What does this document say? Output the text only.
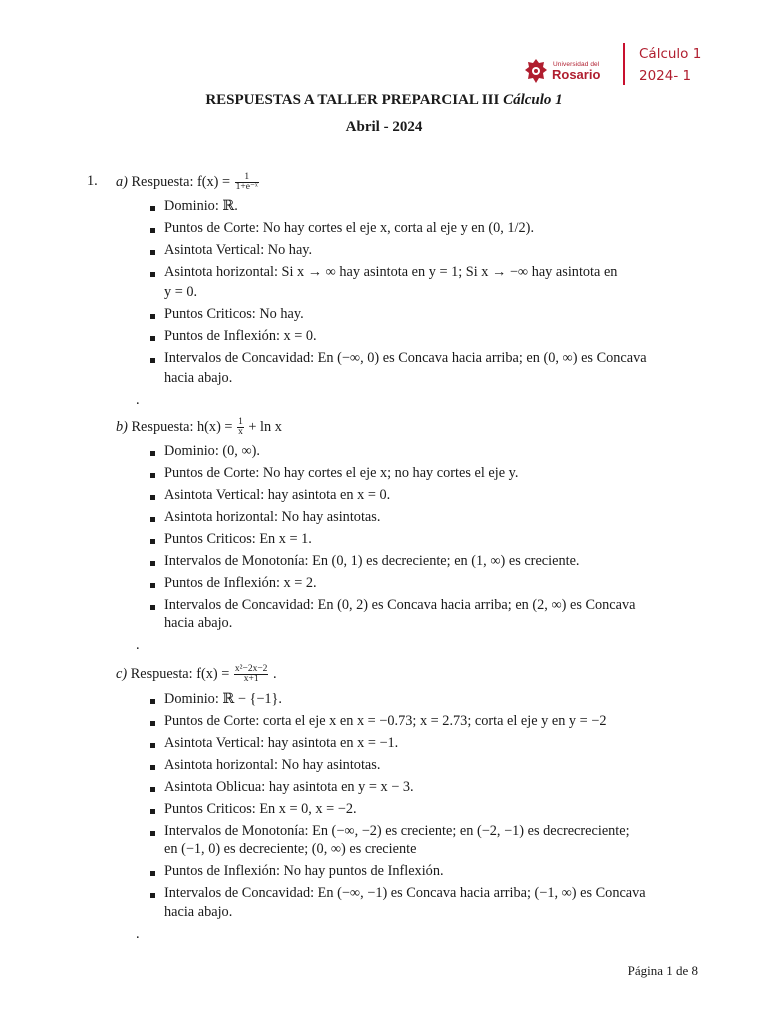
Universidad del
Rosario
Cálculo 1
2024- 1
RESPUESTAS A TALLER PREPARCIAL III Cálculo 1
Abril - 2024
1. a) Respuesta: $f(x) = \frac{1}{\text{1+e⁻ˣ}}$
Dominio: ℝ.
Puntos de Corte: No hay cortes el eje x, corta al eje y en (0, 1/2).
Asintota Vertical: No hay.
Asintota horizontal: Si x → ∞ hay asintota en y = 1; Si x → −∞ hay asintota en
y = 0.
Puntos Criticos: No hay.
Puntos de Inflexión: x = 0.
Intervalos de Concavidad: En (−∞, 0) es Concava hacia arriba; en (0, ∞) es Concava
hacia abajo.
.
b) Respuesta: $h(x) = \frac{1}{x} + \ln x$
Dominio: (0, ∞).
Puntos de Corte: No hay cortes el eje x; no hay cortes el eje y.
Asintota Vertical: hay asintota en x = 0.
Asintota horizontal: No hay asintotas.
Puntos Criticos: En x = 1.
Intervalos de Monotonía: En (0, 1) es decreciente; en (1, ∞) es creciente.
Puntos de Inflexión: x = 2.
Intervalos de Concavidad: En (0, 2) es Concava hacia arriba; en (2, ∞) es Concava
hacia abajo.
.
c) Respuesta: $f(x) = \frac{\text{x²−2x−2}}{x+1}$ .
Dominio: ℝ − {−1}.
Puntos de Corte: corta el eje x en x = −0.73; x = 2.73; corta el eje y en y = −2
Asintota Vertical: hay asintota en x = −1.
Asintota horizontal: No hay asintotas.
Asintota Oblicua: hay asintota en y = x − 3.
Puntos Criticos: En x = 0, x = −2.
Intervalos de Monotonía: En (−∞, −2) es creciente; en (−2, −1) es decrecreciente;
en (−1, 0) es decreciente; (0, ∞) es creciente
Puntos de Inflexión: No hay puntos de Inflexión.
Intervalos de Concavidad: En (−∞, −1) es Concava hacia arriba; (−1, ∞) es Concava
hacia abajo.
.
Página 1 de 8
